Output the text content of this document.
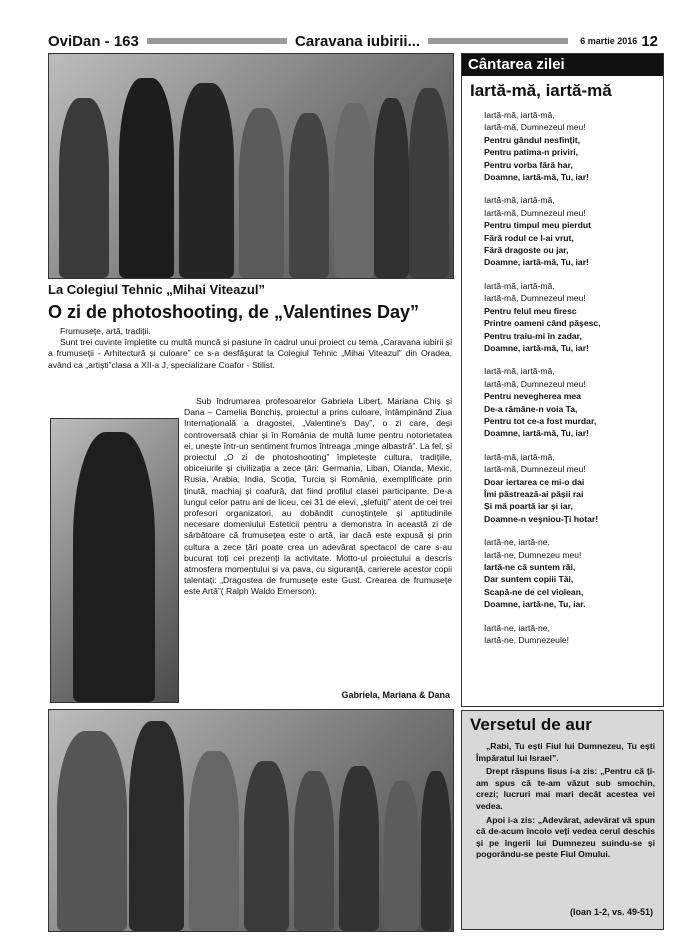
OviDan - 163	Caravana iubirii...	6 martie 2016 12
La Colegiul Tehnic „Mihai Viteazul”
O zi de photoshooting, de „Valentines Day”

Frumusețe, artă, tradiții.

Sunt trei cuvinte împletite cu multă muncă și pasiune în cadrul unui proiect cu tema „Caravana iubirii și a frumuseții - Arhitectură și culoare” ce s-a desfășurat la Colegiul Tehnic „Mihai Viteazul” din Oradea, având ca „artiști”clasa a XII-a J, specializare Coafor - Stilist.

Sub îndrumarea profesoarelor Gabriela Liberț, Mariana Chiș și Dana – Camelia Bonchiș, proiectul a prins culoare, întâmpinând Ziua Internațională a dragostei, „Valentine's Day”, o zi care, deși controversată chiar și în România de multă lume pentru notorietatea ei, unește într-un sentiment frumos întreaga „minge albastră”. La fel, și proiectul „O zi de photoshooting” împletește cultura, tradițiile, obiceiurile și civilizația a zece țări: Germania, Liban, Olanda, Mexic, Rusia, Arabia, India, Scoția, Turcia și România, exemplificate prin ținută, machiaj și coafură, dat fiind profilul clasei participante. De-a lungul celor patru ani de liceu, cei 31 de elevi, „șlefuiți” atent de cei trei profesori organizatori, au dobândit cunoștințele și aptitudinile necesare domeniului Esteticii pentru a demonstra în această zi de sărbătoare că frumusețea este o artă, iar dacă este expusă și prin cultura a zece țări poate crea un adevărat spectacol de care s-au bucurat toți cei prezenți la activitate. Motto-ul proiectului a descris atmosfera momentului și va pava, cu siguranță, carierele acestor copii talentați: „Dragostea de frumusețe este Gust. Crearea de frumusețe este Artă”( Ralph Waldo Emerson).

Gabriela, Mariana & Dana
Cântarea zilei
Iartă-mă, iartă-mă
Iartă-mă, iartă-mă,
Iartă-mă, Dumnezeul meu!
Pentru gândul nesfințit,
Pentru patima-n priviri,
Pentru vorba fără har,
Doamne, iartă-mă, Tu, iar!
Iartă-mă, iartă-mă,
Iartă-mă, Dumnezeul meu!
Pentru timpul meu pierdut
Fără rodul ce l-ai vrut,
Fără dragoste ou jar,
Doamne, iartă-mă, Tu, iar!
Iartă-mă, iartă-mă,
Iartă-mă, Dumnezeul meu!
Pentru felul meu firesc
Printre oameni când păşesc,
Pentru traiu-mi în zadar,
Doamne, iartă-mă, Tu, iar!
Iartă-mă, iartă-mă,
Iartă-mă, Dumnezeul meu!
Pentru nevegherea mea
De-a rămâne-n voia Ta,
Pentru tot ce-a fost murdar,
Doamne, iartă-mă, Tu, iar!
Iartă-mă, iartă-mă,
Iartă-mă, Dumnezeul meu!
Doar iertarea ce mi-o dai
Îmi păstrează-ai pășii rai
Și mă poartă iar și iar,
Doamne-n veşniou-Ţi hotar!
Iartă-ne, iartă-ne,
Iartă-ne, Dumnezeu meu!
Iartă-ne că suntem răi,
Dar suntem copiii Tăi,
Scapă-ne de cel violean,
Doamne, iartă-ne, Tu, iar.
Iartă-ne, iartă-ne,
Iartă-ne, Dumnezeule!
Versetul de aur

„Rabi, Tu ești Fiul lui Dumnezeu, Tu ești Împăratul lui Israel”.

Drept răspuns Iisus i-a zis: „Pentru că ți-am spus că te-am văzut sub smochin, crezi; lucruri mai mari decât acestea vei vedea.

Apoi i-a zis: „Adevărat, adevărat vă spun că de-acum încolo veți vedea cerul deschis și pe îngerii lui Dumnezeu suindu-se și pogorându-se peste Fiul Omului.

(Ioan 1-2, vs. 49-51)
